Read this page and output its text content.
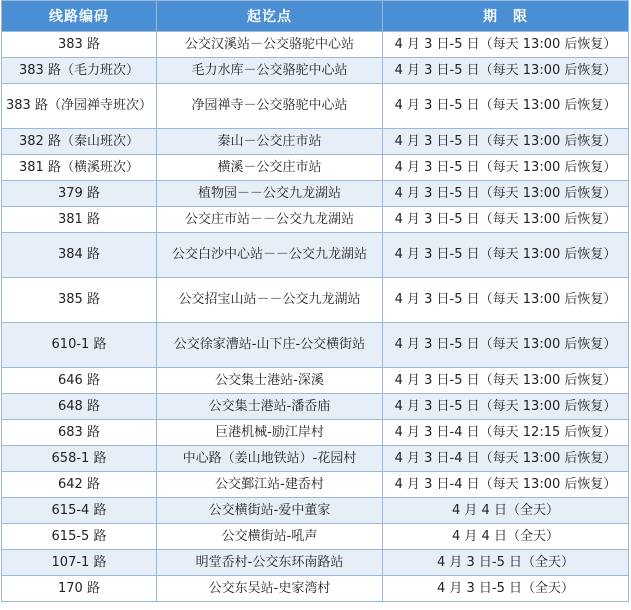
线路编码	起讫点	期　限
383 路	公交汉溪站－公交骆驼中心站	4 月 3 日-5 日（每天 13:00 后恢复）
383 路（毛力班次）	毛力水库－公交骆驼中心站	4 月 3 日-5 日（每天 13:00 后恢复）
383 路（净园禅寺班次）	净园禅寺－公交骆驼中心站	4 月 3 日-5 日（每天 13:00 后恢复）
382 路（秦山班次）	秦山－公交庄市站	4 月 3 日-5 日（每天 13:00 后恢复）
381 路（横溪班次）	横溪－公交庄市站	4 月 3 日-5 日（每天 13:00 后恢复）
379 路	植物园－－公交九龙湖站	4 月 3 日-5 日（每天 13:00 后恢复）
381 路	公交庄市站－－公交九龙湖站	4 月 3 日-5 日（每天 13:00 后恢复）
384 路	公交白沙中心站－－公交九龙湖站	4 月 3 日-5 日（每天 13:00 后恢复）
385 路	公交招宝山站－－公交九龙湖站	4 月 3 日-5 日（每天 13:00 后恢复）
610-1 路	公交徐家漕站-山下庄-公交横街站	4 月 3 日-5 日（每天 13:00 后恢复）
646 路	公交集士港站-深溪	4 月 3 日-5 日（每天 13:00 后恢复）
648 路	公交集士港站-潘岙庙	4 月 3 日-5 日（每天 13:00 后恢复）
683 路	巨港机械-励江岸村	4 月 3 日-4 日（每天 12:15 后恢复）
658-1 路	中心路（姜山地铁站）-花园村	4 月 3 日-4 日（每天 13:00 后恢复）
642 路	公交鄞江站-建岙村	4 月 3 日-4 日（每天 13:00 后恢复）
615-4 路	公交横街站-爱中董家	4 月 4 日（全天）
615-5 路	公交横街站-吼声	4 月 4 日（全天）
107-1 路	明堂岙村-公交东环南路站	4 月 3 日-5 日（全天）
170 路	公交东吴站-史家湾村	4 月 3 日-5 日（全天）
